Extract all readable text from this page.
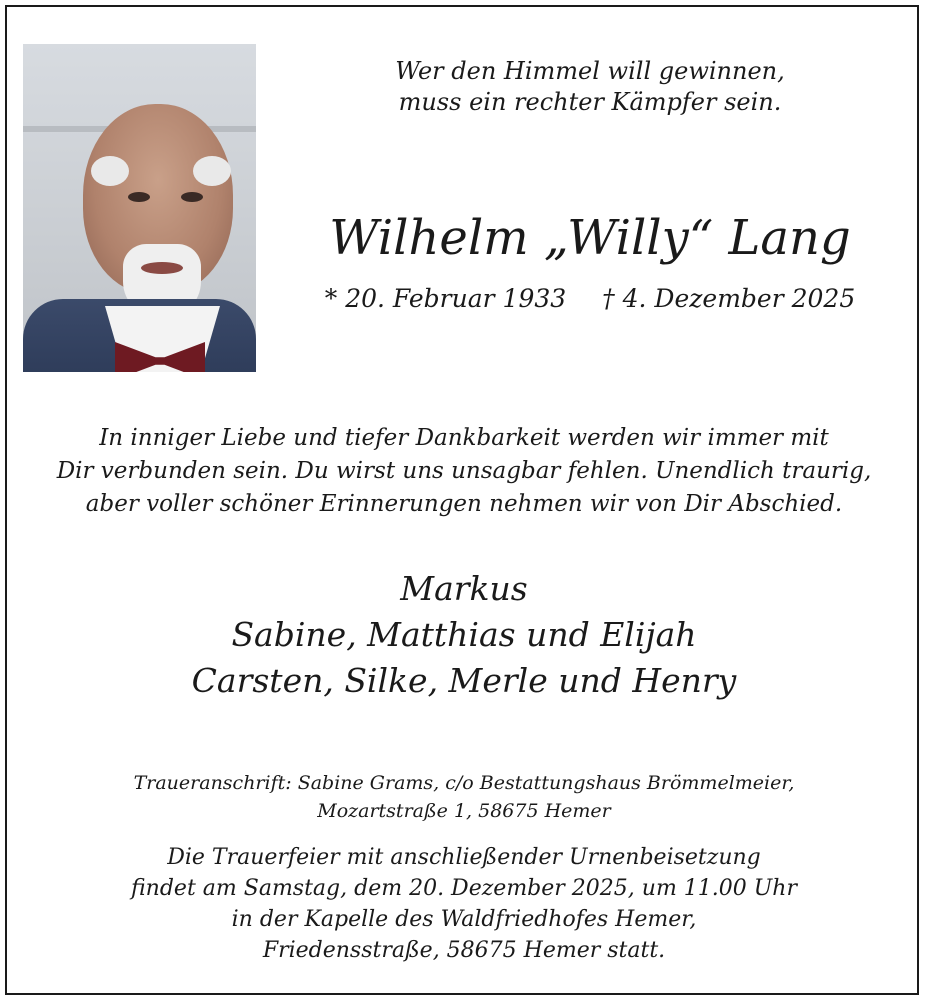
Wer den Himmel will gewinnen,
muss ein rechter Kämpfer sein.
Wilhelm „Willy“ Lang
* 20. Februar 1933 † 4. Dezember 2025
In inniger Liebe und tiefer Dankbarkeit werden wir immer mit
Dir verbunden sein. Du wirst uns unsagbar fehlen. Unendlich traurig,
aber voller schöner Erinnerungen nehmen wir von Dir Abschied.
Markus
Sabine, Matthias und Elijah
Carsten, Silke, Merle und Henry
Traueranschrift: Sabine Grams, c/o Bestattungshaus Brömmelmeier,
Mozartstraße 1, 58675 Hemer
Die Trauerfeier mit anschließender Urnenbeisetzung
findet am Samstag, dem 20. Dezember 2025, um 11.00 Uhr
in der Kapelle des Waldfriedhofes Hemer,
Friedensstraße, 58675 Hemer statt.
